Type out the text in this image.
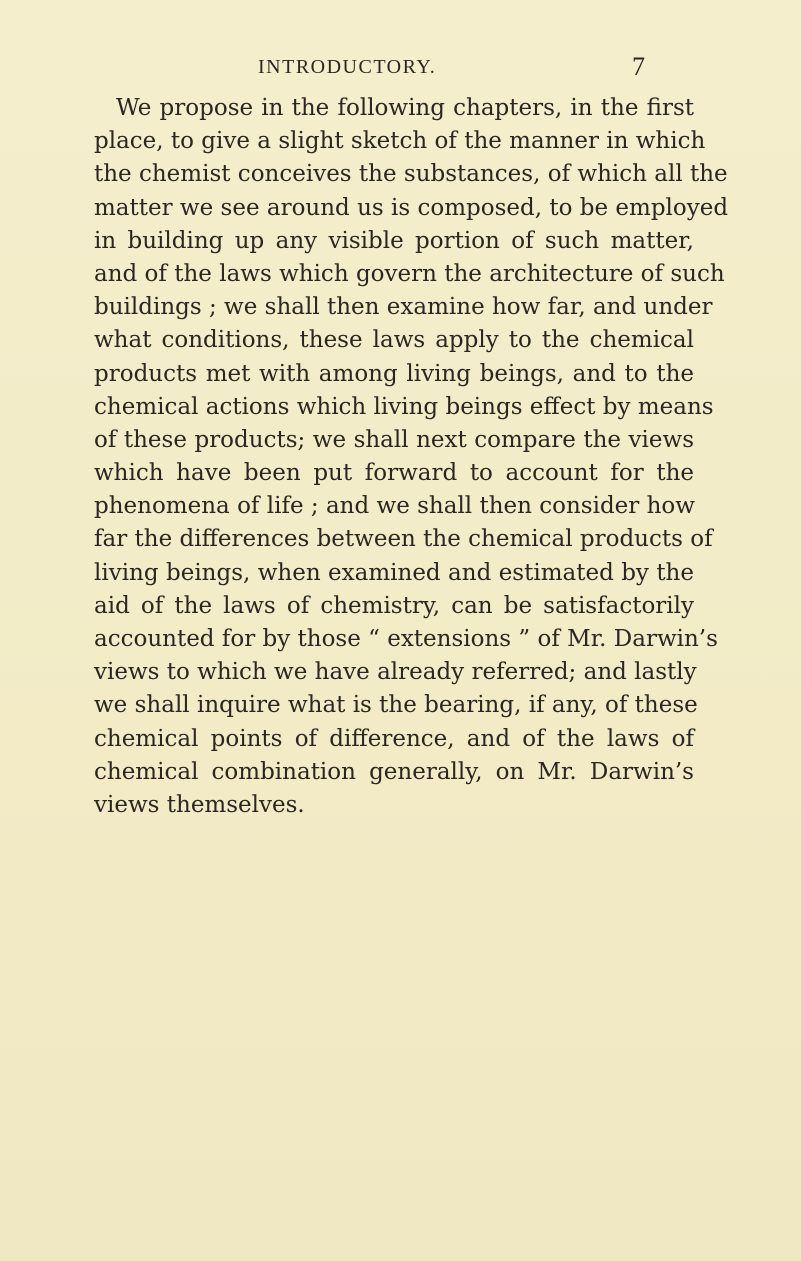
INTRODUCTORY.	7
We propose in the following chapters, in the first
place, to give a slight sketch of the manner in which
the chemist conceives the substances, of which all the
matter we see around us is composed, to be employed
in building up any visible portion of such matter,
and of the laws which govern the architecture of such
buildings ; we shall then examine how far, and under
what conditions, these laws apply to the chemical
products met with among living beings, and to the
chemical actions which living beings effect by means
of these products; we shall next compare the views
which have been put forward to account for the
phenomena of life ; and we shall then consider how
far the differences between the chemical products of
living beings, when examined and estimated by the
aid of the laws of chemistry, can be satisfactorily
accounted for by those “ extensions ” of Mr. Darwin’s
views to which we have already referred; and lastly
we shall inquire what is the bearing, if any, of these
chemical points of difference, and of the laws of
chemical combination generally, on Mr. Darwin’s
views themselves.
